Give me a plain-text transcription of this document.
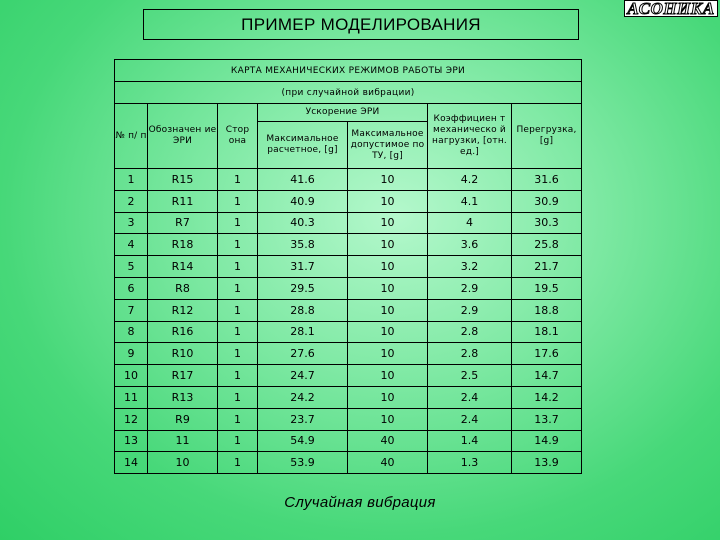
ПРИМЕР МОДЕЛИРОВАНИЯ
АСОНИКА
КАРТА МЕХАНИЧЕСКИХ РЕЖИМОВ РАБОТЫ ЭРИ						
(при случайной вибрации)						
№ п/ п	Обозначен ие ЭРИ	Стор она	Ускорение ЭРИ		Коэффициен т механическо й нагрузки, [отн. ед.]	Перегрузка, [g]
			Максимальное расчетное, [g]	Максимальное допустимое по ТУ, [g]		
1	R15	1	41.6	10	4.2	31.6
2	R11	1	40.9	10	4.1	30.9
3	R7	1	40.3	10	4	30.3
4	R18	1	35.8	10	3.6	25.8
5	R14	1	31.7	10	3.2	21.7
6	R8	1	29.5	10	2.9	19.5
7	R12	1	28.8	10	2.9	18.8
8	R16	1	28.1	10	2.8	18.1
9	R10	1	27.6	10	2.8	17.6
10	R17	1	24.7	10	2.5	14.7
11	R13	1	24.2	10	2.4	14.2
12	R9	1	23.7	10	2.4	13.7
13	11	1	54.9	40	1.4	14.9
14	10	1	53.9	40	1.3	13.9
Случайная вибрация
